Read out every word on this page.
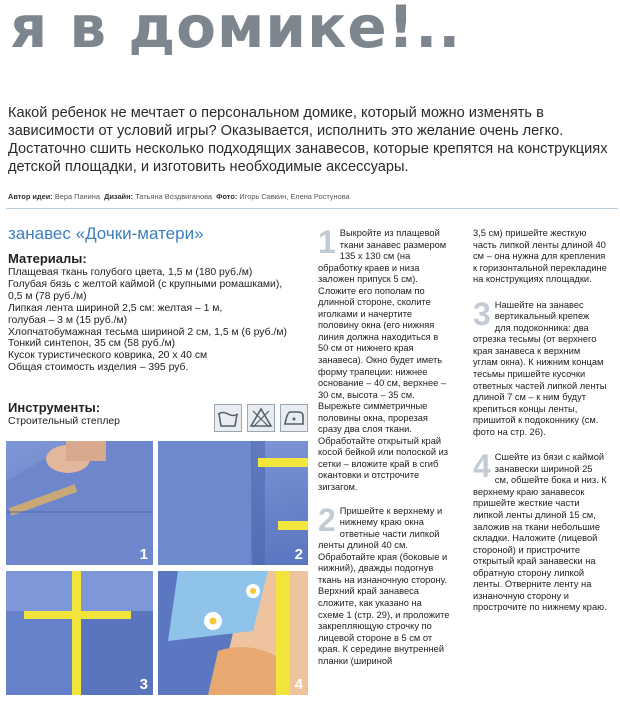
я в домике!..
Какой ребенок не мечтает о персональном домике, который можно изменять в зависимости от условий игры? Оказывается, исполнить это желание очень легко. Достаточно сшить несколько подходящих занавесов, которые крепятся на конструкциях детской площадки, и изготовить необходимые аксессуары.
Автор идеи: Вера Панина Дизайн: Татьяна Воздвиганова Фото: Игорь Савкин, Елена Ростунова
занавес «Дочки-матери»
Материалы:
Плащевая ткань голубого цвета, 1,5 м (180 руб./м)
Голубая бязь с желтой каймой (с крупными ромашками),
0,5 м (78 руб./м)
Липкая лента шириной 2,5 см: желтая – 1 м,
голубая – 3 м (15 руб./м)
Хлопчатобумажная тесьма шириной 2 см, 1,5 м (6 руб./м)
Тонкий синтепон, 35 см (58 руб./м)
Кусок туристического коврика, 20 х 40 см
Общая стоимость изделия – 395 руб.
Инструменты:
Строительный степлер
1	2
3	4
1 Выкройте из плащевой ткани занавес размером 135 х 130 см (на обработку краев и низа заложен припуск 5 см). Сложите его пополам по длинной стороне, сколите иголками и начертите половину окна (его нижняя линия должна находиться в 50 см от нижнего края занавеса). Окно будет иметь форму трапеции: нижнее основание – 40 см, верхнее – 30 см, высота – 35 см. Вырежьте симметричные половины окна, прорезая сразу два слоя ткани. Обработайте открытый край косой бейкой или полоской из сетки – вложите край в сгиб окантовки и отстрочите зигзагом.
2 Пришейте к верхнему и нижнему краю окна ответные части липкой ленты длиной 40 см. Обработайте края (боковые и нижний), дважды подогнув ткань на изнаночную сторону. Верхний край занавеса сложите, как указано на схеме 1 (стр. 29), и проложите закрепляющую строчку по лицевой стороне в 5 см от края. К середине внутренней планки (шириной

3,5 см) пришейте жесткую часть липкой ленты длиной 40 см – она нужна для крепления к горизонтальной перекладине на конструкциях площадки.

3 Нашейте на занавес вертикальный крепеж для подоконника: два отрезка тесьмы (от верхнего края занавеса к верхним углам окна). К нижним концам тесьмы пришейте кусочки ответных частей липкой ленты длиной 7 см – к ним будут крепиться концы ленты, пришитой к подоконнику (см. фото на стр. 26).
4 Сшейте из бязи с каймой занавески шириной 25 см, обшейте бока и низ. К верхнему краю занавесок пришейте жесткие части липкой ленты длиной 15 см, заложив на ткани небольшие складки. Наложите (лицевой стороной) и пристрочите открытый край занавески на обратную сторону липкой ленты. Отверните ленту на изнаночную сторону и прострочите по нижнему краю.
